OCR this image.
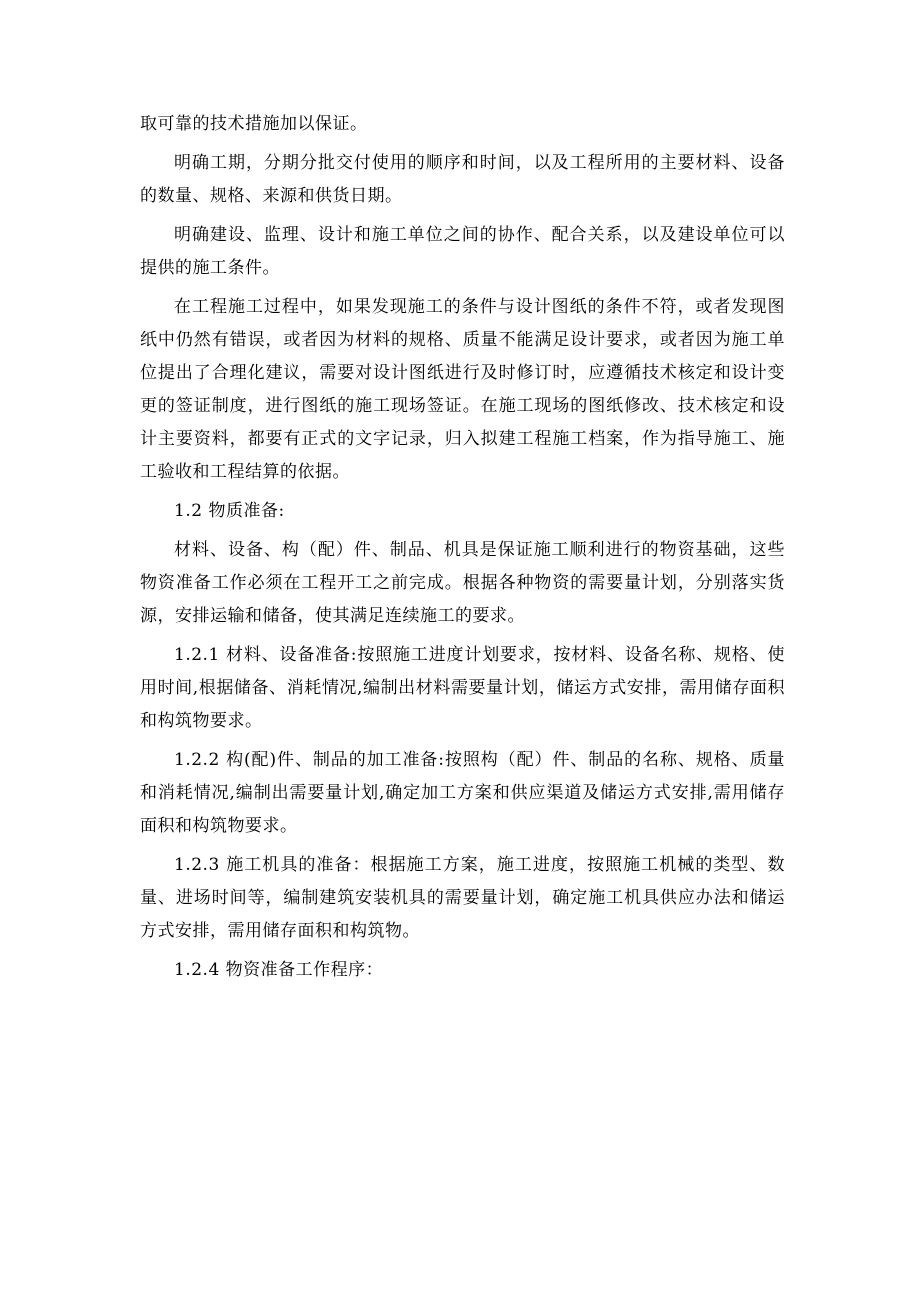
取可靠的技术措施加以保证。

明确工期，分期分批交付使用的顺序和时间，以及工程所用的主要材料、设备的数量、规格、来源和供货日期。

明确建设、监理、设计和施工单位之间的协作、配合关系，以及建设单位可以提供的施工条件。

在工程施工过程中，如果发现施工的条件与设计图纸的条件不符，或者发现图纸中仍然有错误，或者因为材料的规格、质量不能满足设计要求，或者因为施工单位提出了合理化建议，需要对设计图纸进行及时修订时，应遵循技术核定和设计变更的签证制度，进行图纸的施工现场签证。在施工现场的图纸修改、技术核定和设计主要资料，都要有正式的文字记录，归入拟建工程施工档案，作为指导施工、施工验收和工程结算的依据。

1.2 物质准备:

材料、设备、构（配）件、制品、机具是保证施工顺利进行的物资基础，这些物资准备工作必须在工程开工之前完成。根据各种物资的需要量计划，分别落实货源，安排运输和储备，使其满足连续施工的要求。

1.2.1 材料、设备准备:按照施工进度计划要求，按材料、设备名称、规格、使用时间,根据储备、消耗情况,编制出材料需要量计划，储运方式安排，需用储存面积和构筑物要求。

1.2.2 构(配)件、制品的加工准备:按照构（配）件、制品的名称、规格、质量和消耗情况,编制出需要量计划,确定加工方案和供应渠道及储运方式安排,需用储存面积和构筑物要求。

1.2.3 施工机具的准备：根据施工方案，施工进度，按照施工机械的类型、数量、进场时间等，编制建筑安装机具的需要量计划，确定施工机具供应办法和储运方式安排，需用储存面积和构筑物。

1.2.4 物资准备工作程序：
